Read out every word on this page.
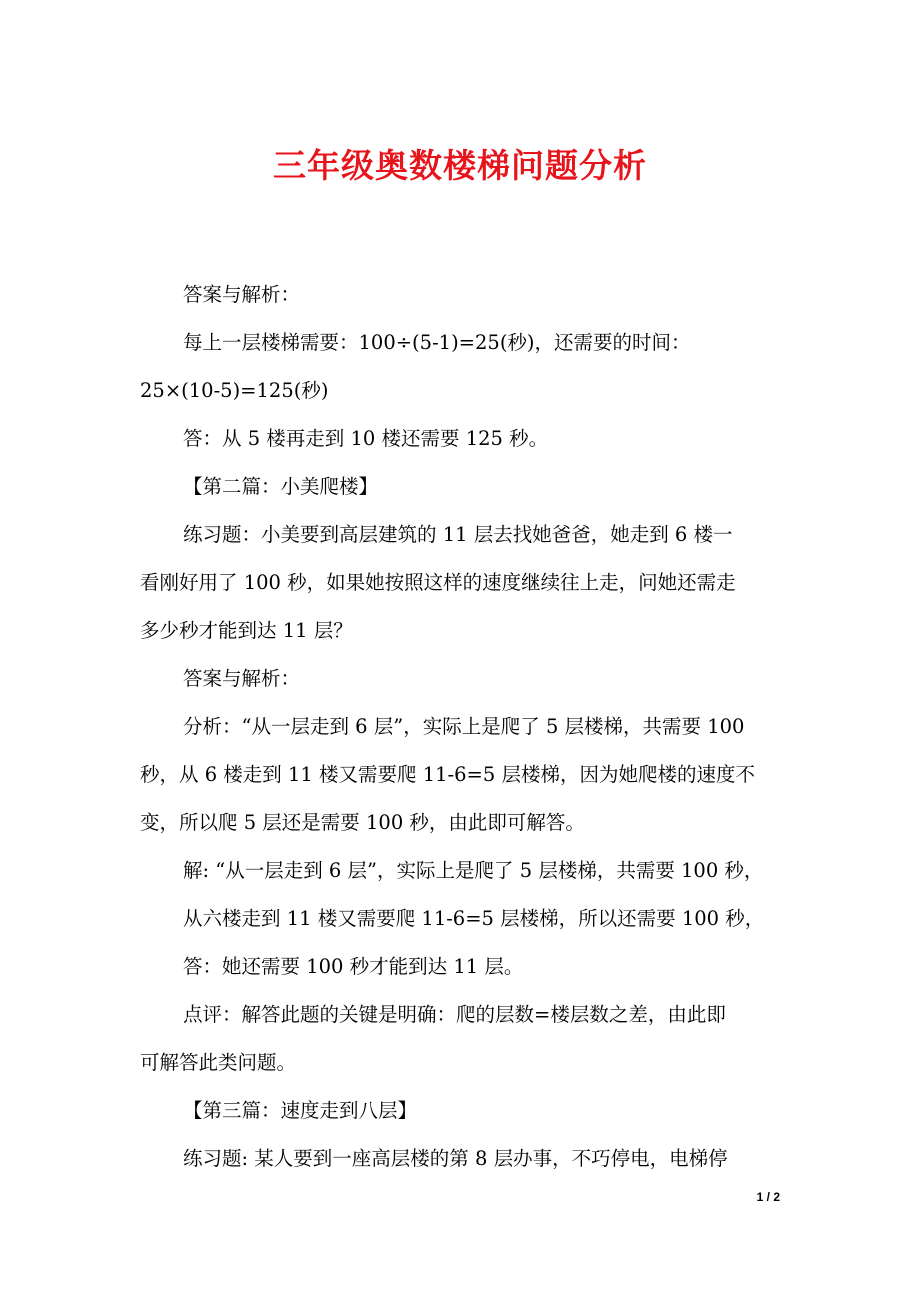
三年级奥数楼梯问题分析
答案与解析：
每上一层楼梯需要：100÷(5-1)=25(秒)，还需要的时间：
25×(10-5)=125(秒)
答：从 5 楼再走到 10 楼还需要 125 秒。
【第二篇：小美爬楼】
练习题：小美要到高层建筑的 11 层去找她爸爸，她走到 6 楼一
看刚好用了 100 秒，如果她按照这样的速度继续往上走，问她还需走
多少秒才能到达 11 层？
答案与解析：
分析：“从一层走到 6 层”，实际上是爬了 5 层楼梯，共需要 100
秒，从 6 楼走到 11 楼又需要爬 11-6=5 层楼梯，因为她爬楼的速度不
变，所以爬 5 层还是需要 100 秒，由此即可解答。
解: “从一层走到 6 层”，实际上是爬了 5 层楼梯，共需要 100 秒，
从六楼走到 11 楼又需要爬 11-6=5 层楼梯，所以还需要 100 秒，
答：她还需要 100 秒才能到达 11 层。
点评：解答此题的关键是明确：爬的层数=楼层数之差，由此即
可解答此类问题。
【第三篇：速度走到八层】
练习题: 某人要到一座高层楼的第 8 层办事，不巧停电，电梯停
1 / 2
